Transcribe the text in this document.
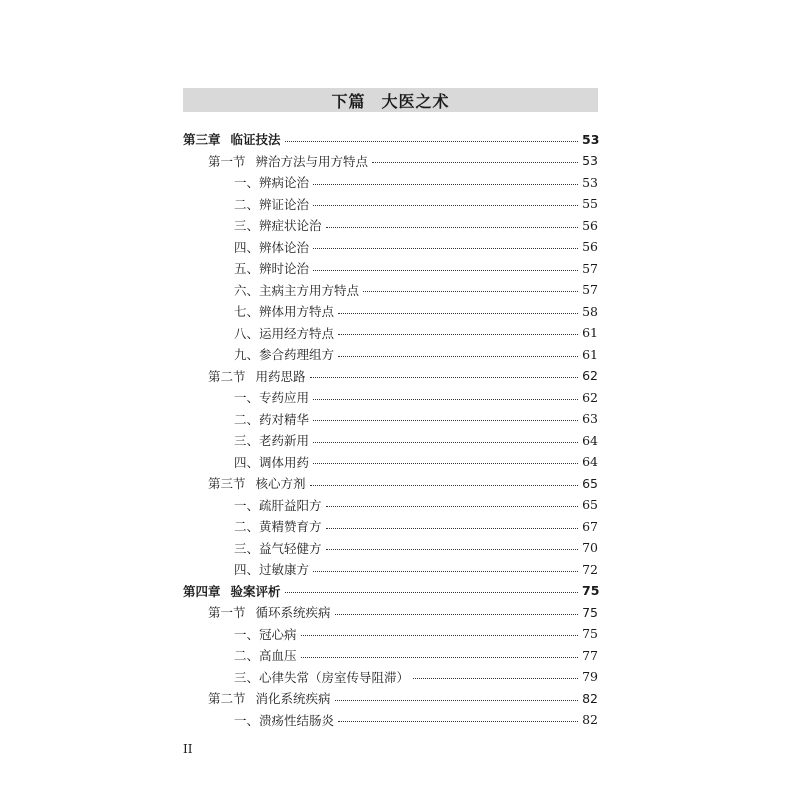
下篇 大医之术
第三章 临证技法	53
第一节 辨治方法与用方特点	53
一、辨病论治	53
二、辨证论治	55
三、辨症状论治	56
四、辨体论治	56
五、辨时论治	57
六、主病主方用方特点	57
七、辨体用方特点	58
八、运用经方特点	61
九、参合药理组方	61
第二节 用药思路	62
一、专药应用	62
二、药对精华	63
三、老药新用	64
四、调体用药	64
第三节 核心方剂	65
一、疏肝益阳方	65
二、黄精赞育方	67
三、益气轻健方	70
四、过敏康方	72
第四章 验案评析	75
第一节 循环系统疾病	75
一、冠心病	75
二、高血压	77
三、心律失常（房室传导阻滞）	79
第二节 消化系统疾病	82
一、溃疡性结肠炎	82
II
